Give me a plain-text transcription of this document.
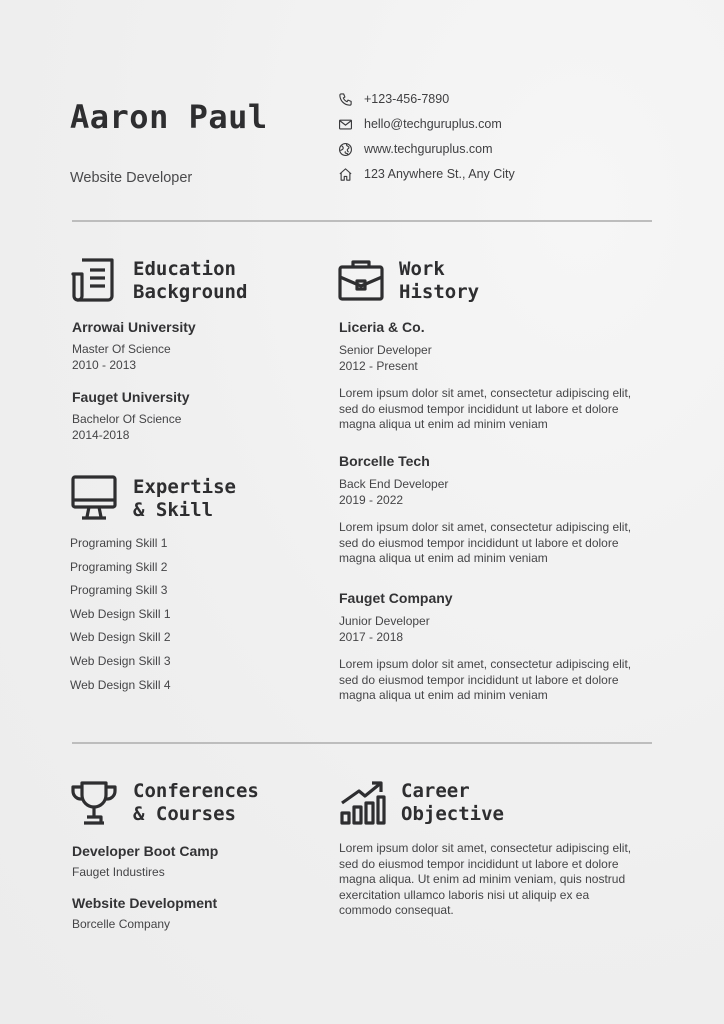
Aaron Paul
Website Developer
+123-456-7890
hello@techguruplus.com
www.techguruplus.com
123 Anywhere St., Any City
Education
Background
Arrowai University
Master Of Science
2010 - 2013
Fauget University
Bachelor Of Science
2014-2018
Expertise
& Skill
Programing Skill 1
Programing Skill 2
Programing Skill 3
Web Design Skill 1
Web Design Skill 2
Web Design Skill 3
Web Design Skill 4
Work
History
Liceria & Co.
Senior Developer
2012 - Present
Lorem ipsum dolor sit amet, consectetur adipiscing elit, sed do eiusmod tempor incididunt ut labore et dolore magna aliqua ut enim ad minim veniam
Borcelle Tech
Back End Developer
2019 - 2022
Lorem ipsum dolor sit amet, consectetur adipiscing elit, sed do eiusmod tempor incididunt ut labore et dolore magna aliqua ut enim ad minim veniam
Fauget Company
Junior Developer
2017 - 2018
Lorem ipsum dolor sit amet, consectetur adipiscing elit, sed do eiusmod tempor incididunt ut labore et dolore magna aliqua ut enim ad minim veniam
Conferences
& Courses
Developer Boot Camp
Fauget Industires
Website Development
Borcelle Company
Career
Objective
Lorem ipsum dolor sit amet, consectetur adipiscing elit, sed do eiusmod tempor incididunt ut labore et dolore magna aliqua. Ut enim ad minim veniam, quis nostrud exercitation ullamco laboris nisi ut aliquip ex ea commodo consequat.
